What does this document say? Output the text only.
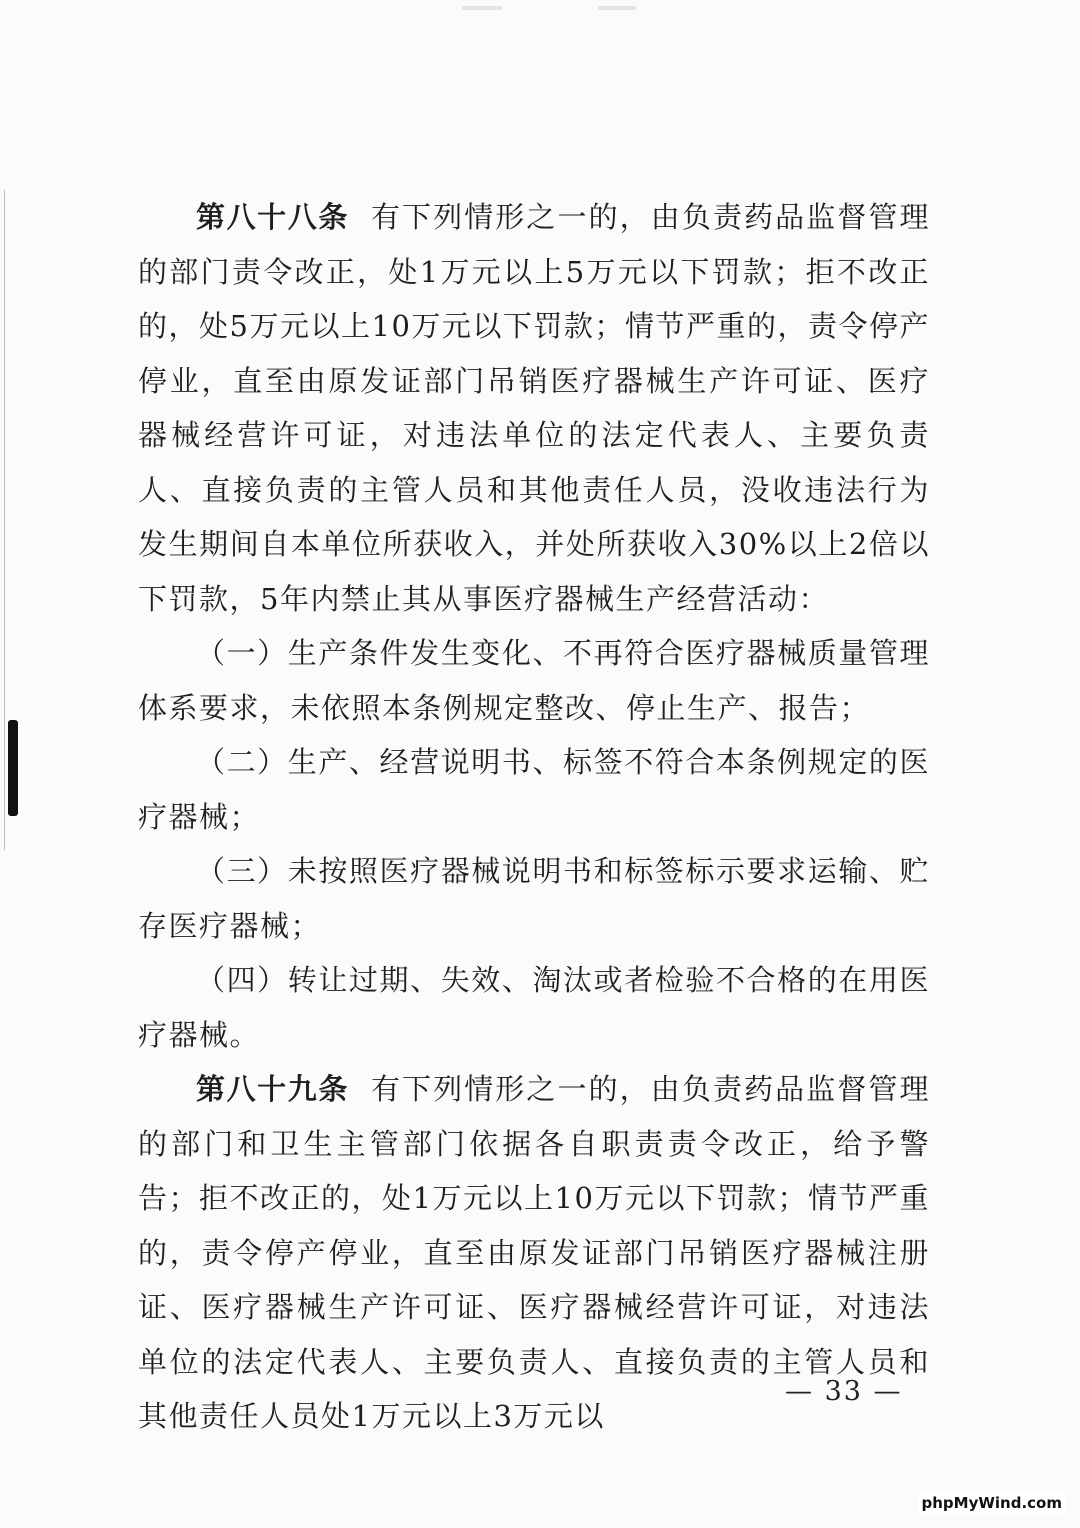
第八十八条 有下列情形之一的，由负责药品监督管理的部门责令改正，处1万元以上5万元以下罚款；拒不改正的，处5万元以上10万元以下罚款；情节严重的，责令停产停业，直至由原发证部门吊销医疗器械生产许可证、医疗器械经营许可证，对违法单位的法定代表人、主要负责人、直接负责的主管人员和其他责任人员，没收违法行为发生期间自本单位所获收入，并处所获收入30%以上2倍以下罚款，5年内禁止其从事医疗器械生产经营活动：

（一）生产条件发生变化、不再符合医疗器械质量管理体系要求，未依照本条例规定整改、停止生产、报告；

（二）生产、经营说明书、标签不符合本条例规定的医疗器械；

（三）未按照医疗器械说明书和标签标示要求运输、贮存医疗器械；

（四）转让过期、失效、淘汰或者检验不合格的在用医疗器械。

第八十九条 有下列情形之一的，由负责药品监督管理的部门和卫生主管部门依据各自职责责令改正，给予警告；拒不改正的，处1万元以上10万元以下罚款；情节严重的，责令停产停业，直至由原发证部门吊销医疗器械注册证、医疗器械生产许可证、医疗器械经营许可证，对违法单位的法定代表人、主要负责人、直接负责的主管人员和其他责任人员处1万元以上3万元以

— 33 —
phpMyWind.com
